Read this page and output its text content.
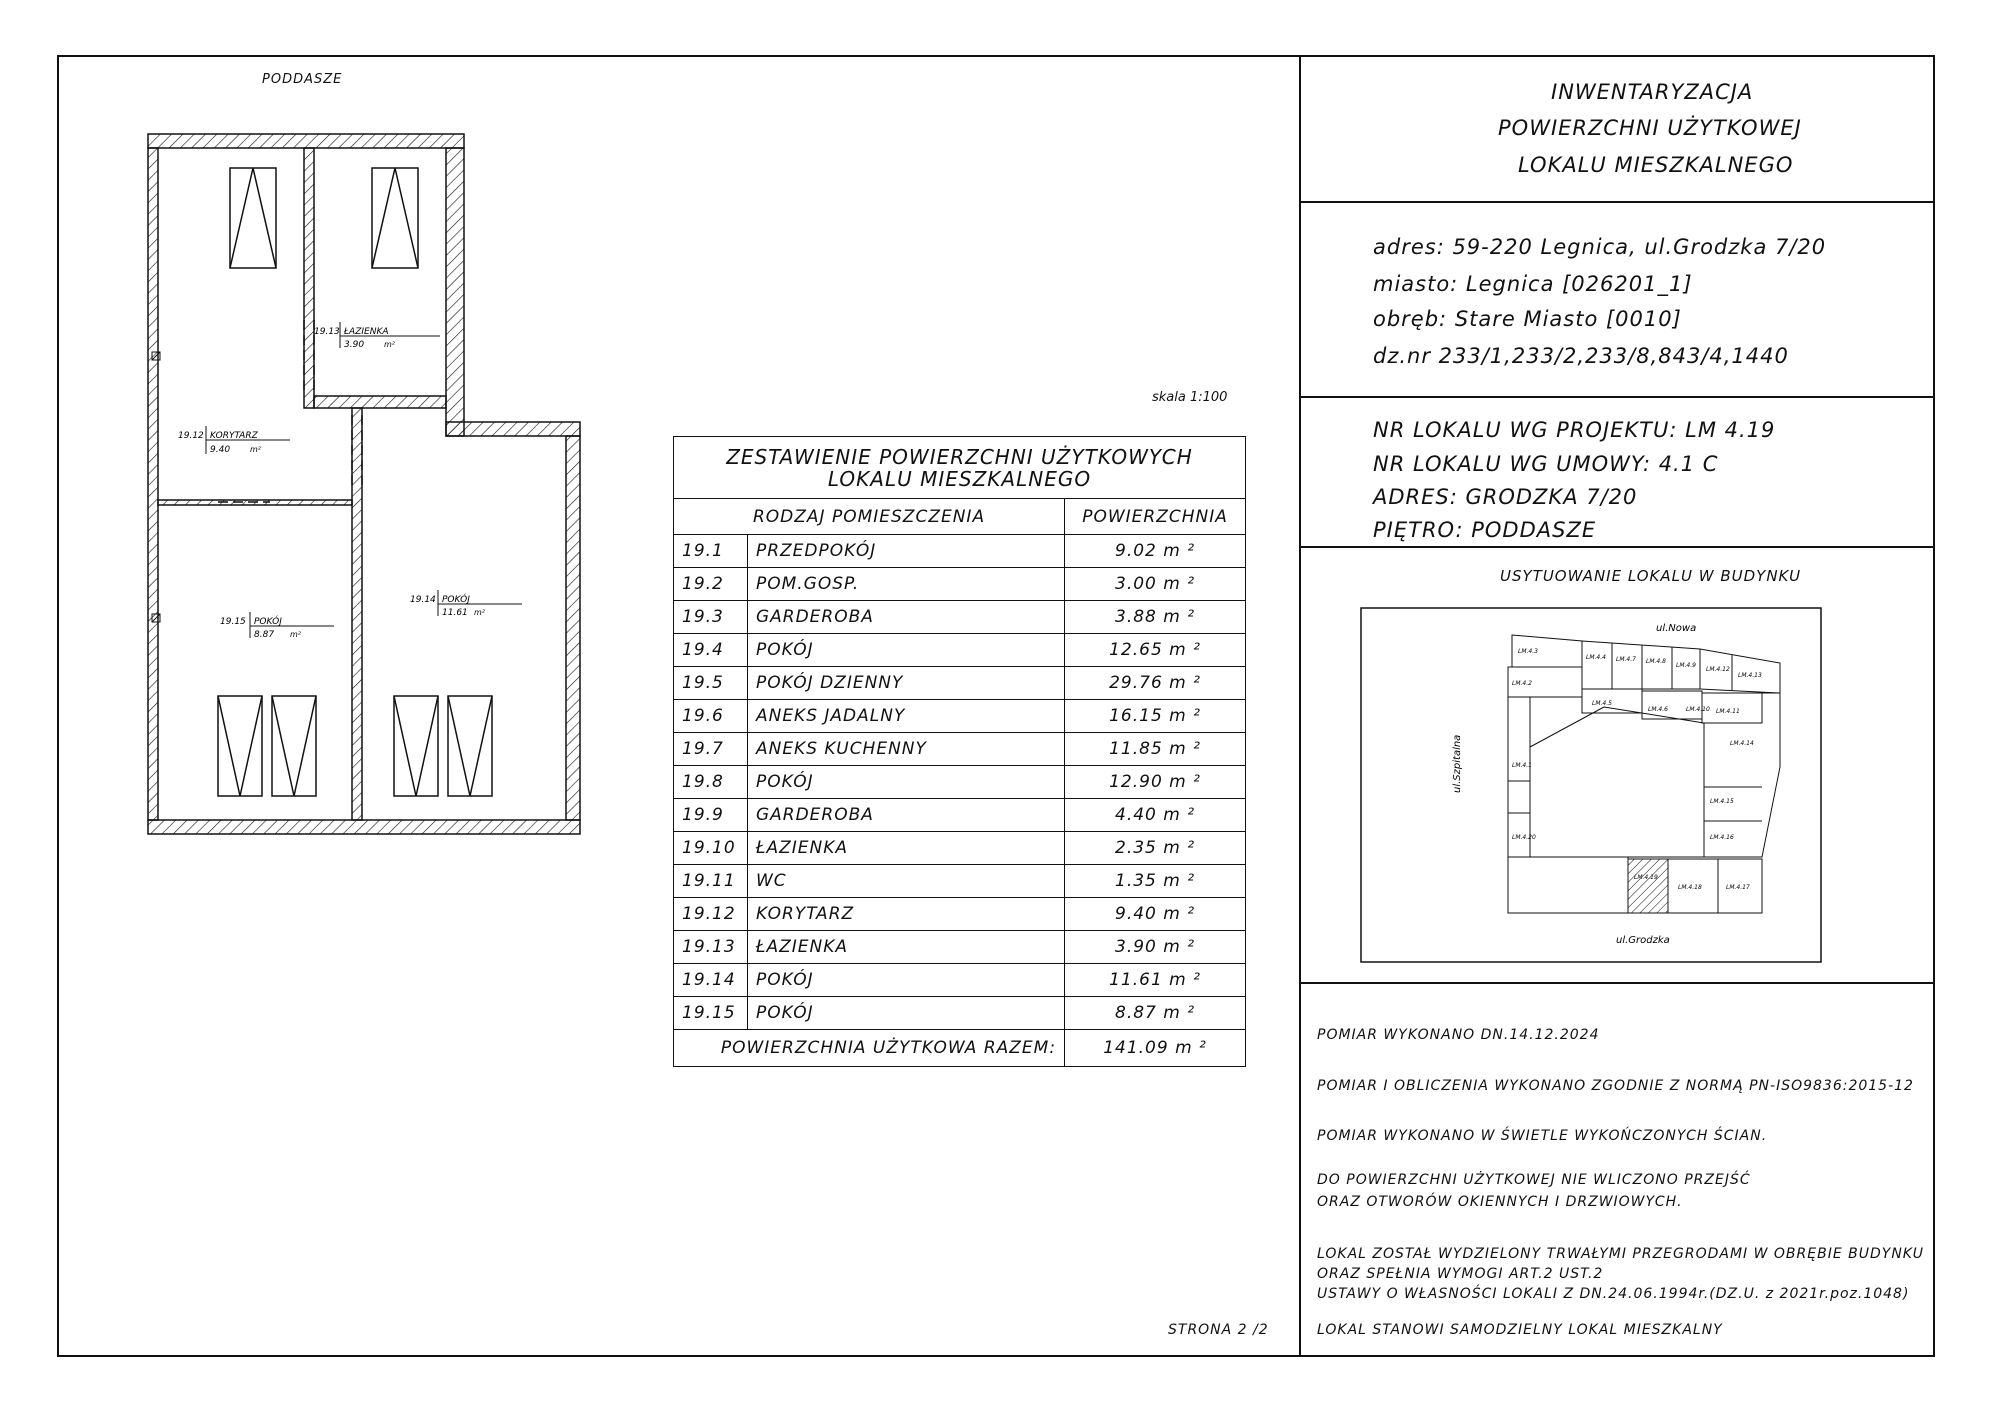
PODDASZE
skala 1:100
STRONA 2 /2
19.12 KORYTARZ
9.40 m²
19.13 ŁAZIENKA
3.90 m²
19.14 POKÓJ
11.61 m²
19.15 POKÓJ
8.87 m²
ZESTAWIENIE POWIERZCHNI UŻYTKOWYCH
LOKALU MIESZKALNEGO		

RODZAJ POMIESZCZENIA		POWIERZCHNIA
19.1	PRZEDPOKÓJ	9.02 m ²
19.2	POM.GOSP.	3.00 m ²
19.3	GARDEROBA	3.88 m ²
19.4	POKÓJ	12.65 m ²
19.5	POKÓJ DZIENNY	29.76 m ²
19.6	ANEKS JADALNY	16.15 m ²
19.7	ANEKS KUCHENNY	11.85 m ²
19.8	POKÓJ	12.90 m ²
19.9	GARDEROBA	4.40 m ²
19.10	ŁAZIENKA	2.35 m ²
19.11	WC	1.35 m ²
19.12	KORYTARZ	9.40 m ²
19.13	ŁAZIENKA	3.90 m ²
19.14	POKÓJ	11.61 m ²
19.15	POKÓJ	8.87 m ²
POWIERZCHNIA UŻYTKOWA RAZEM:		141.09 m ²
INWENTARYZACJA
POWIERZCHNI UŻYTKOWEJ
LOKALU MIESZKALNEGO
adres: 59-220 Legnica, ul.Grodzka 7/20
miasto: Legnica [026201_1]
obręb: Stare Miasto [0010]
dz.nr 233/1,233/2,233/8,843/4,1440
NR LOKALU WG PROJEKTU: LM 4.19
NR LOKALU WG UMOWY: 4.1 C
ADRES: GRODZKA 7/20
PIĘTRO: PODDASZE
USYTUOWANIE LOKALU W BUDYNKU
ul.Nowa
ul.Grodzka
ul.Szpitalna
LM.4.3
LM.4.4 LM.4.7 LM.4.8
LM.4.9
LM.4.12
LM.4.13
LM.4.2
LM.4.5
LM.4.6	LM.4.10 LM.4.11
LM.4.14
LM.4.1
LM.4.15
LM.4.20	LM.4.16
LM.4.19
LM.4.18	LM.4.17
POMIAR WYKONANO DN.14.12.2024
POMIAR I OBLICZENIA WYKONANO ZGODNIE Z NORMĄ PN-ISO9836:2015-12
POMIAR WYKONANO W ŚWIETLE WYKOŃCZONYCH ŚCIAN.
DO POWIERZCHNI UŻYTKOWEJ NIE WLICZONO PRZEJŚĆ
ORAZ OTWORÓW OKIENNYCH I DRZWIOWYCH.
LOKAL ZOSTAŁ WYDZIELONY TRWAŁYMI PRZEGRODAMI W OBRĘBIE BUDYNKU
ORAZ SPEŁNIA WYMOGI ART.2 UST.2
USTAWY O WŁASNOŚCI LOKALI Z DN.24.06.1994r.(DZ.U. z 2021r.poz.1048)
LOKAL STANOWI SAMODZIELNY LOKAL MIESZKALNY
